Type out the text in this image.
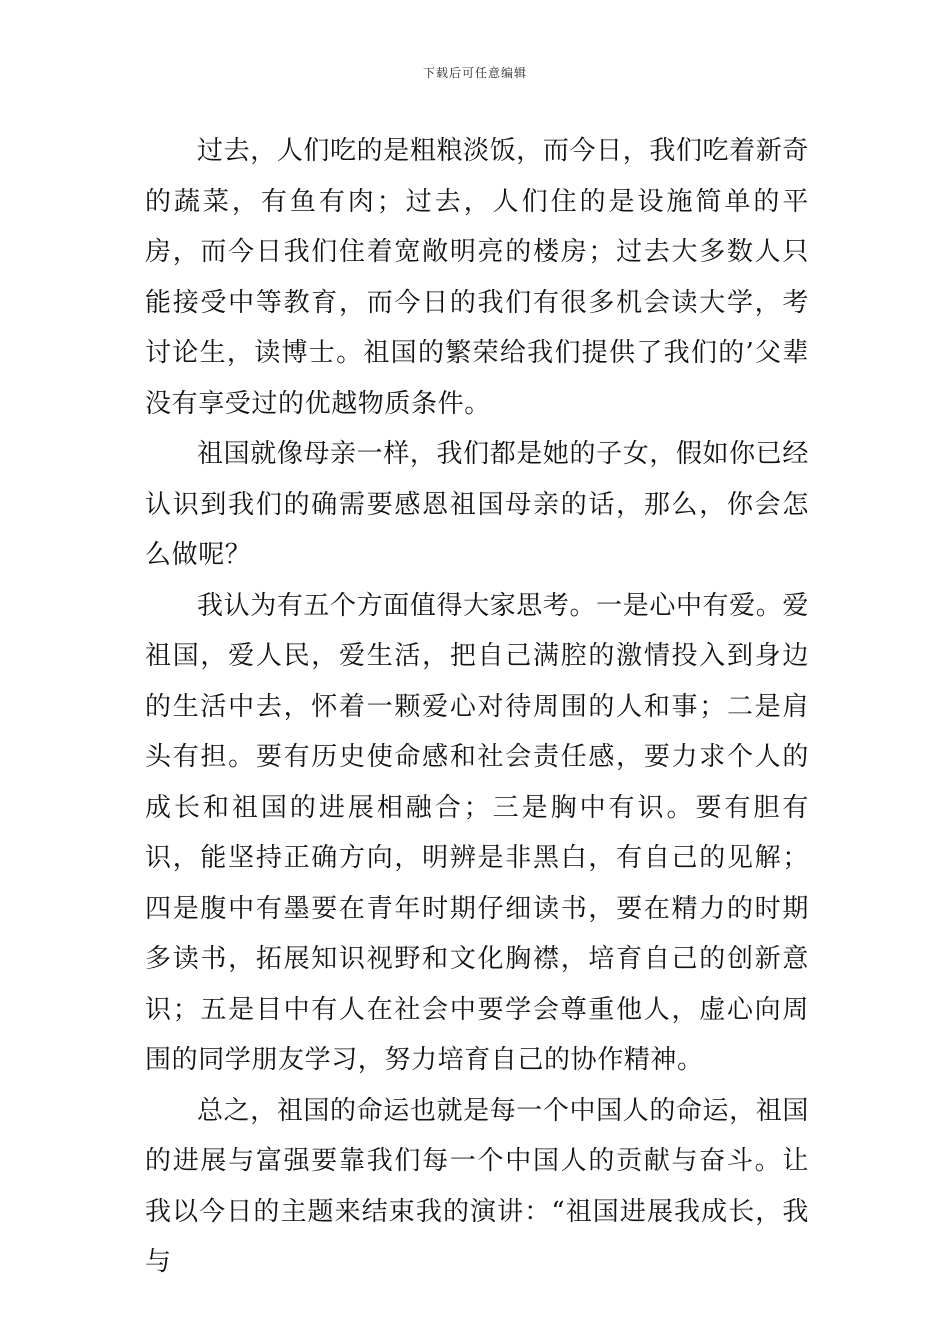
下载后可任意编辑

过去，人们吃的是粗粮淡饭，而今日，我们吃着新奇的蔬菜，有鱼有肉；过去，人们住的是设施简单的平房，而今日我们住着宽敞明亮的楼房；过去大多数人只能接受中等教育，而今日的我们有很多机会读大学，考讨论生，读博士。祖国的繁荣给我们提供了我们的’父辈没有享受过的优越物质条件。

祖国就像母亲一样，我们都是她的子女，假如你已经认识到我们的确需要感恩祖国母亲的话，那么，你会怎么做呢？

我认为有五个方面值得大家思考。一是心中有爱。爱祖国，爱人民，爱生活，把自己满腔的激情投入到身边的生活中去，怀着一颗爱心对待周围的人和事；二是肩头有担。要有历史使命感和社会责任感，要力求个人的成长和祖国的进展相融合；三是胸中有识。要有胆有识，能坚持正确方向，明辨是非黑白，有自己的见解；四是腹中有墨要在青年时期仔细读书，要在精力的时期多读书，拓展知识视野和文化胸襟，培育自己的创新意识；五是目中有人在社会中要学会尊重他人，虚心向周围的同学朋友学习，努力培育自己的协作精神。

总之，祖国的命运也就是每一个中国人的命运，祖国的进展与富强要靠我们每一个中国人的贡献与奋斗。让我以今日的主题来结束我的演讲：“祖国进展我成长，我与
